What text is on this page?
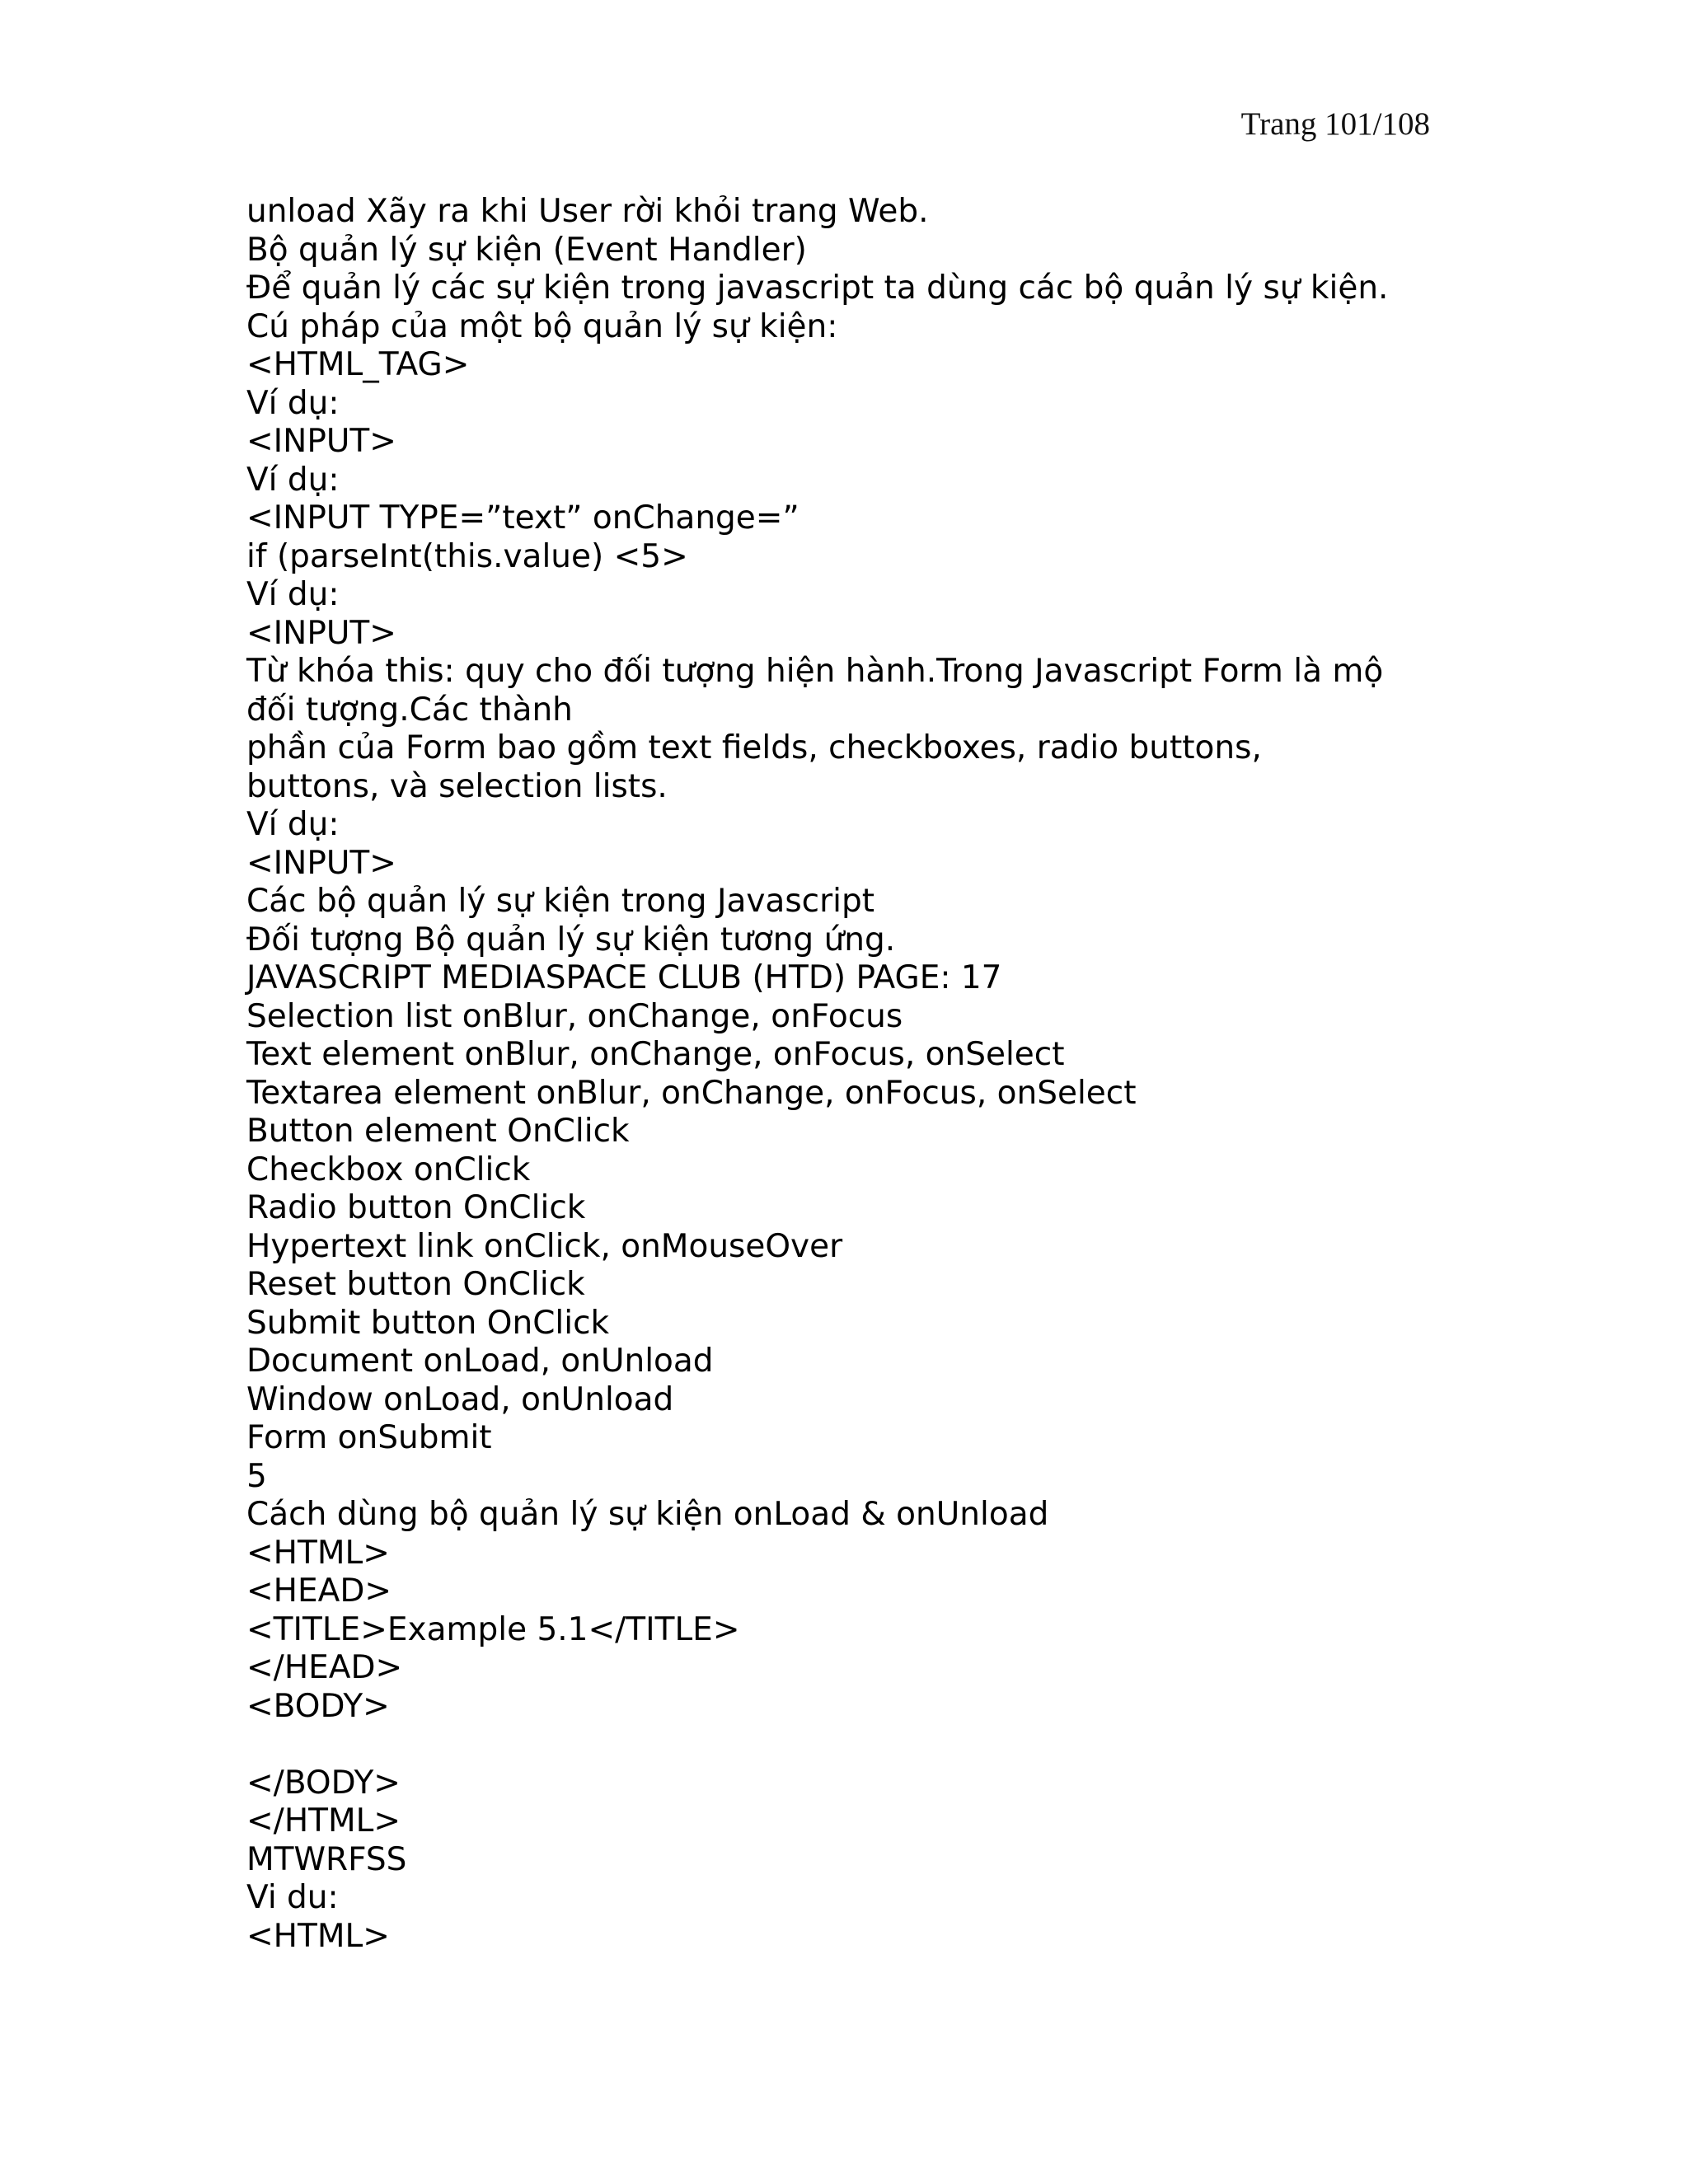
Trang 101/108
unload Xãy ra khi User rời khỏi trang Web.
Bộ quản lý sự kiện (Event Handler)
Để quản lý các sự kiện trong javascript ta dùng các bộ quản lý sự kiện.
Cú pháp của một bộ quản lý sự kiện:
<HTML_TAG>
Ví dụ:
<INPUT>
Ví dụ:
<INPUT TYPE=”text” onChange=”
if (parseInt(this.value) <5>
Ví dụ:
<INPUT>
Từ khóa this: quy cho đối tượng hiện hành.Trong Javascript Form là mộ
đối tượng.Các thành
phần của Form bao gồm text fields, checkboxes, radio buttons,
buttons, và selection lists.
Ví dụ:
<INPUT>
Các bộ quản lý sự kiện trong Javascript
Đối tượng Bộ quản lý sự kiện tương ứng.
JAVASCRIPT MEDIASPACE CLUB (HTD) PAGE: 17
Selection list onBlur, onChange, onFocus
Text element onBlur, onChange, onFocus, onSelect
Textarea element onBlur, onChange, onFocus, onSelect
Button element OnClick
Checkbox onClick
Radio button OnClick
Hypertext link onClick, onMouseOver
Reset button OnClick
Submit button OnClick
Document onLoad, onUnload
Window onLoad, onUnload
Form onSubmit
5
Cách dùng bộ quản lý sự kiện onLoad & onUnload
<HTML>
<HEAD>
<TITLE>Example 5.1</TITLE>
</HEAD>
<BODY>
</BODY>
</HTML>
MTWRFSS
Vi du:
<HTML>
